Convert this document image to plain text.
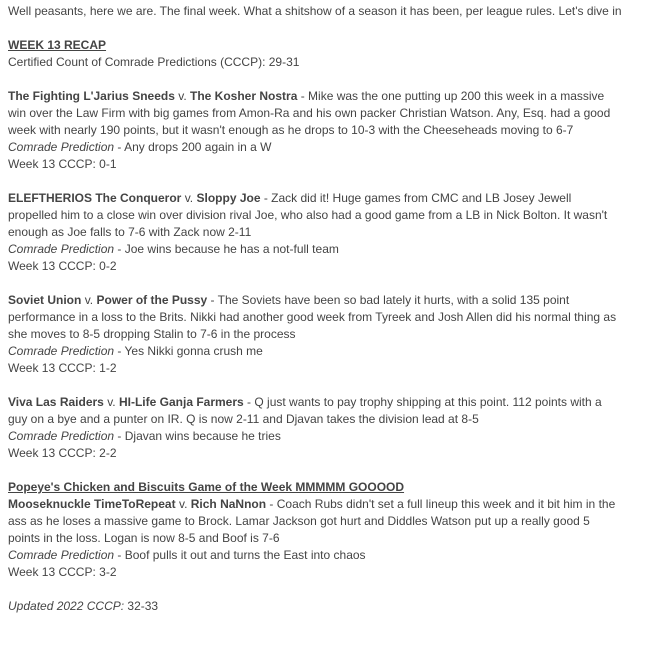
Well peasants, here we are. The final week. What a shitshow of a season it has been, per league rules. Let's dive in

WEEK 13 RECAP

Certified Count of Comrade Predictions (CCCP): 29-31

The Fighting L'Jarius Sneeds v. The Kosher Nostra - Mike was the one putting up 200 this week in a massive win over the Law Firm with big games from Amon-Ra and his own packer Christian Watson. Any, Esq. had a good week with nearly 190 points, but it wasn't enough as he drops to 10-3 with the Cheeseheads moving to 6-7

Comrade Prediction - Any drops 200 again in a W

Week 13 CCCP: 0-1

ELEFTHERIOS The Conqueror v. Sloppy Joe - Zack did it! Huge games from CMC and LB Josey Jewell propelled him to a close win over division rival Joe, who also had a good game from a LB in Nick Bolton. It wasn't enough as Joe falls to 7-6 with Zack now 2-11

Comrade Prediction - Joe wins because he has a not-full team

Week 13 CCCP: 0-2

Soviet Union v. Power of the Pussy - The Soviets have been so bad lately it hurts, with a solid 135 point performance in a loss to the Brits. Nikki had another good week from Tyreek and Josh Allen did his normal thing as she moves to 8-5 dropping Stalin to 7-6 in the process

Comrade Prediction - Yes Nikki gonna crush me

Week 13 CCCP: 1-2

Viva Las Raiders v. HI-Life Ganja Farmers - Q just wants to pay trophy shipping at this point. 112 points with a guy on a bye and a punter on IR. Q is now 2-11 and Djavan takes the division lead at 8-5

Comrade Prediction - Djavan wins because he tries

Week 13 CCCP: 2-2

Popeye's Chicken and Biscuits Game of the Week MMMMM GOOOOD

Mooseknuckle TimeToRepeat v. Rich NaNnon - Coach Rubs didn't set a full lineup this week and it bit him in the ass as he loses a massive game to Brock. Lamar Jackson got hurt and Diddles Watson put up a really good 5 points in the loss. Logan is now 8-5 and Boof is 7-6

Comrade Prediction - Boof pulls it out and turns the East into chaos

Week 13 CCCP: 3-2

Updated 2022 CCCP: 32-33
